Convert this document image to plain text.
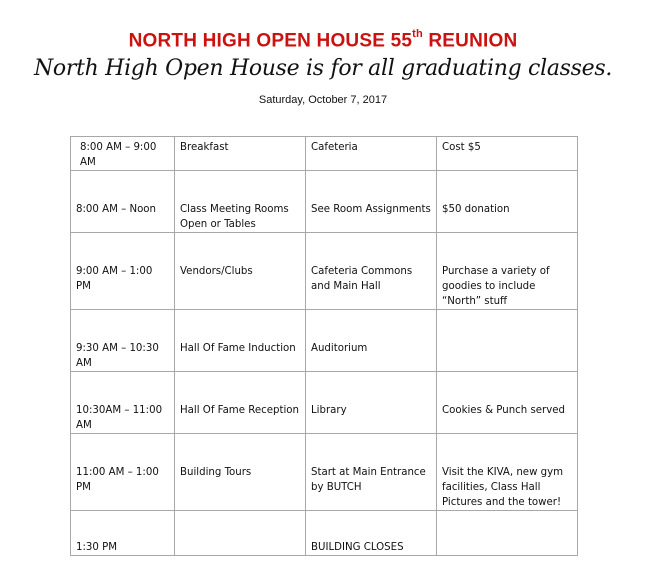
NORTH HIGH OPEN HOUSE 55th REUNION
North High Open House is for all graduating classes.
Saturday, October 7, 2017
8:00 AM – 9:00 AM	Breakfast	Cafeteria	Cost $5
8:00 AM – Noon	Class Meeting Rooms Open or Tables	See Room Assignments	$50 donation
9:00 AM – 1:00 PM	Vendors/Clubs	Cafeteria Commons and Main Hall	Purchase a variety of goodies to include “North” stuff
9:30 AM – 10:30 AM	Hall Of Fame Induction	Auditorium	
10:30AM – 11:00 AM	Hall Of Fame Reception	Library	Cookies & Punch served
11:00 AM – 1:00 PM	Building Tours	Start at Main Entrance by BUTCH	Visit the KIVA, new gym facilities, Class Hall Pictures and the tower!
1:30 PM		BUILDING CLOSES	
